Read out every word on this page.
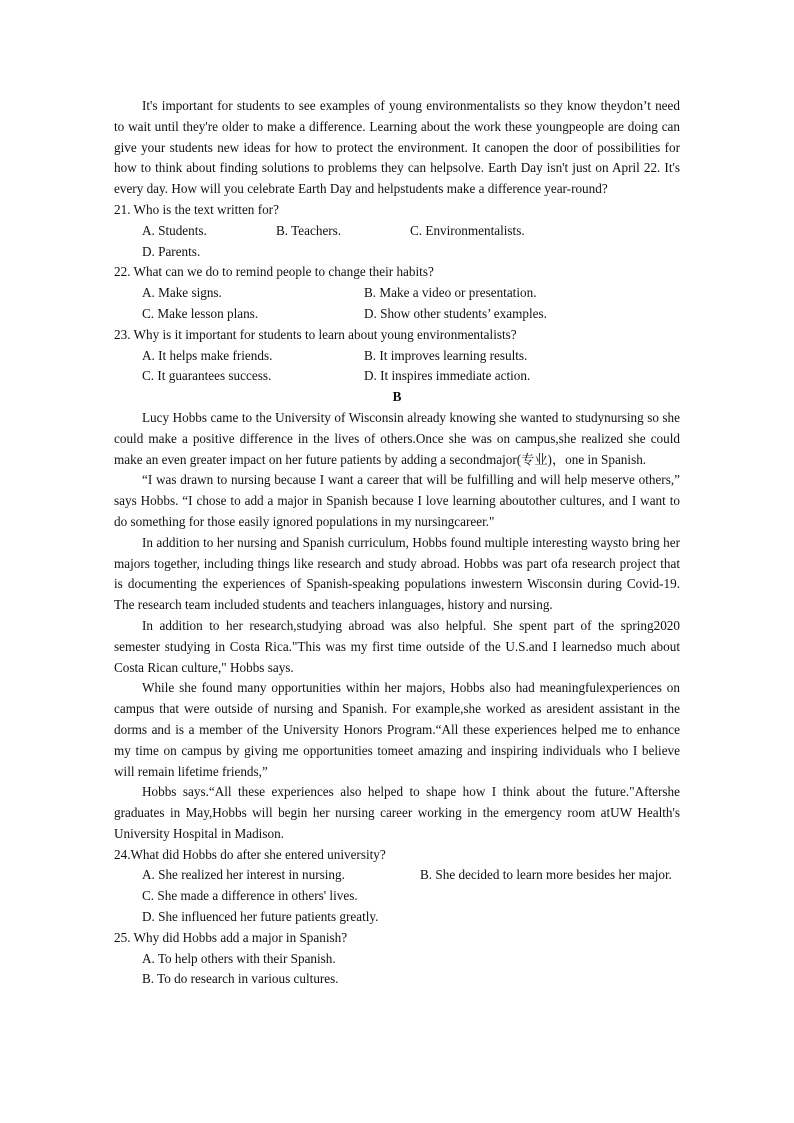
It's important for students to see examples of young environmentalists so they know theydon’t need to wait until they're older to make a difference. Learning about the work these youngpeople are doing can give your students new ideas for how to protect the environment. It canopen the door of possibilities for how to think about finding solutions to problems they can helpsolve. Earth Day isn't just on April 22. It's every day. How will you celebrate Earth Day and helpstudents make a difference year-round?

21. Who is the text written for?

A. Students.	B. Teachers.	C. Environmentalists.
D. Parents.

22. What can we do to remind people to change their habits?

A. Make signs.	B. Make a video or presentation.
C. Make lesson plans.	D. Show other students’ examples.

23. Why is it important for students to learn about young environmentalists?

A. It helps make friends.	B. It improves learning results.
C. It guarantees success.	D. It inspires immediate action.

B

Lucy Hobbs came to the University of Wisconsin already knowing she wanted to studynursing so she could make a positive difference in the lives of others.Once she was on campus,she realized she could make an even greater impact on her future patients by adding a secondmajor(专业)，one in Spanish.

“I was drawn to nursing because I want a career that will be fulfilling and will help meserve others,” says Hobbs. “I chose to add a major in Spanish because I love learning aboutother cultures, and I want to do something for those easily ignored populations in my nursingcareer."

In addition to her nursing and Spanish curriculum, Hobbs found multiple interesting waysto bring her majors together, including things like research and study abroad. Hobbs was part ofa research project that is documenting the experiences of Spanish-speaking populations inwestern Wisconsin during Covid-19. The research team included students and teachers inlanguages, history and nursing.

In addition to her research,studying abroad was also helpful. She spent part of the spring2020 semester studying in Costa Rica."This was my first time outside of the U.S.and I learnedso much about Costa Rican culture," Hobbs says.

While she found many opportunities within her majors, Hobbs also had meaningfulexperiences on campus that were outside of nursing and Spanish. For example,she worked as aresident assistant in the dorms and is a member of the University Honors Program.“All these experiences helped me to enhance my time on campus by giving me opportunities tomeet amazing and inspiring individuals who I believe will remain lifetime friends,”

Hobbs says.“All these experiences also helped to shape how I think about the future."Aftershe graduates in May,Hobbs will begin her nursing career working in the emergency room atUW Health's University Hospital in Madison.

24.What did Hobbs do after she entered university?

A. She realized her interest in nursing.	B. She decided to learn more besides her major.

C. She made a difference in others' lives.
D. She influenced her future patients greatly.

25. Why did Hobbs add a major in Spanish?

A. To help others with their Spanish.
B. To do research in various cultures.
